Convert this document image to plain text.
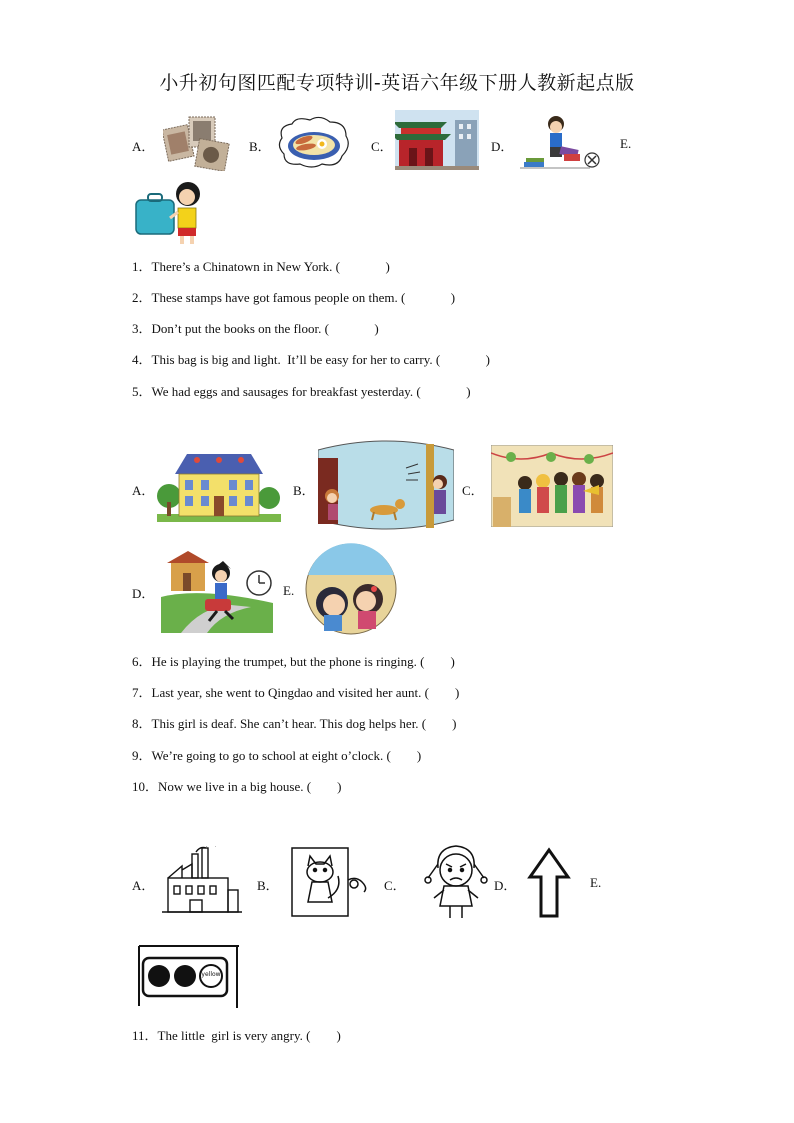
小升初句图匹配专项特训-英语六年级下册人教新起点版
A．	B．	C．	D．	E.
1．There’s a Chinatown in New York. (              )
2．These stamps have got famous people on them. (              )
3．Don’t put the books on the floor. (              )
4．This bag is big and light.  It’ll be easy for her to carry. (              )
5．We had eggs and sausages for breakfast yesterday. (              )
A．	B．	C．
D．	E.
6．He is playing the trumpet, but the phone is ringing. (        )
7．Last year, she went to Qingdao and visited her aunt. (        )
8．This girl is deaf. She can’t hear. This dog helps her. (        )
9．We’re going to go to school at eight o’clock. (        )
10．Now we live in a big house. (        )
A．	B．	C．	D．	E.
yellow
11．The little  girl is very angry. (        )
